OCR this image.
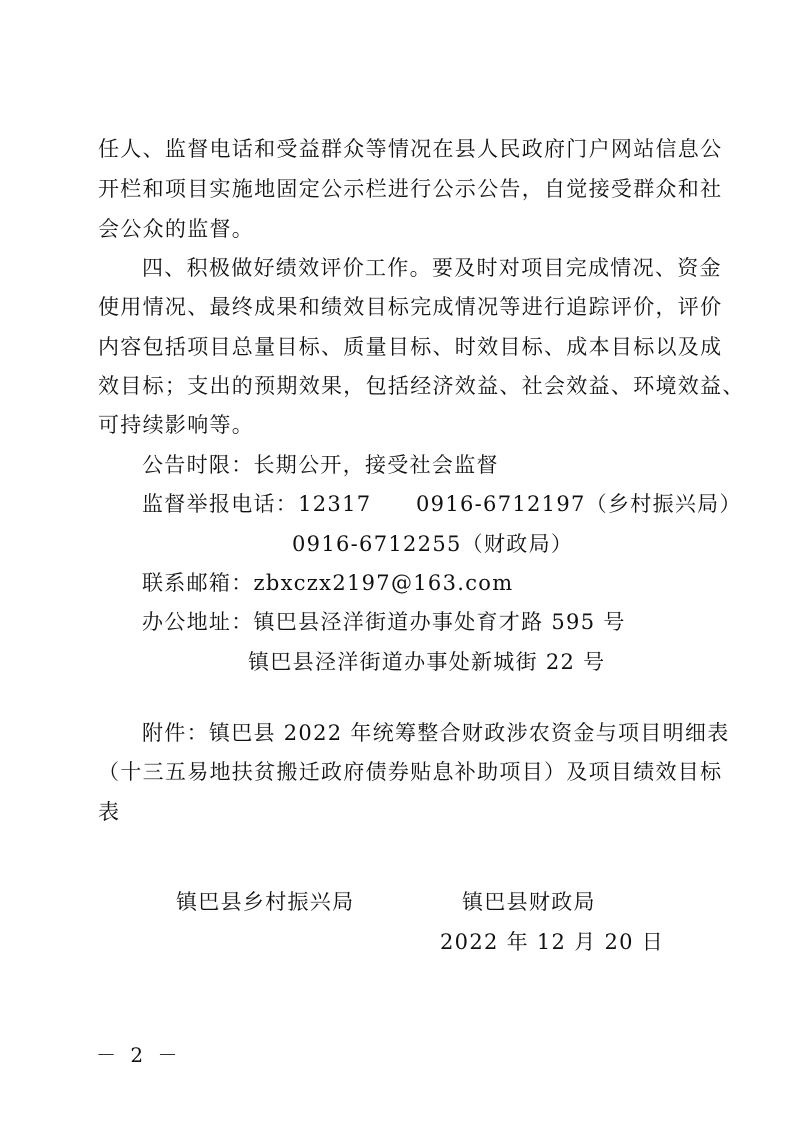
任人、监督电话和受益群众等情况在县人民政府门户网站信息公
开栏和项目实施地固定公示栏进行公示公告，自觉接受群众和社
会公众的监督。
四、积极做好绩效评价工作。要及时对项目完成情况、资金
使用情况、最终成果和绩效目标完成情况等进行追踪评价，评价
内容包括项目总量目标、质量目标、时效目标、成本目标以及成
效目标；支出的预期效果，包括经济效益、社会效益、环境效益、
可持续影响等。
公告时限：长期公开，接受社会监督
监督举报电话：12317　　0916-6712197（乡村振兴局）
0916-6712255（财政局）
联系邮箱：zbxczx2197@163.com
办公地址：镇巴县泾洋街道办事处育才路 595 号
镇巴县泾洋街道办事处新城街 22 号
附件：镇巴县 2022 年统筹整合财政涉农资金与项目明细表
（十三五易地扶贫搬迁政府债券贴息补助项目）及项目绩效目标
表
镇巴县乡村振兴局	镇巴县财政局
2022 年 12 月 20 日
－ 2 －
